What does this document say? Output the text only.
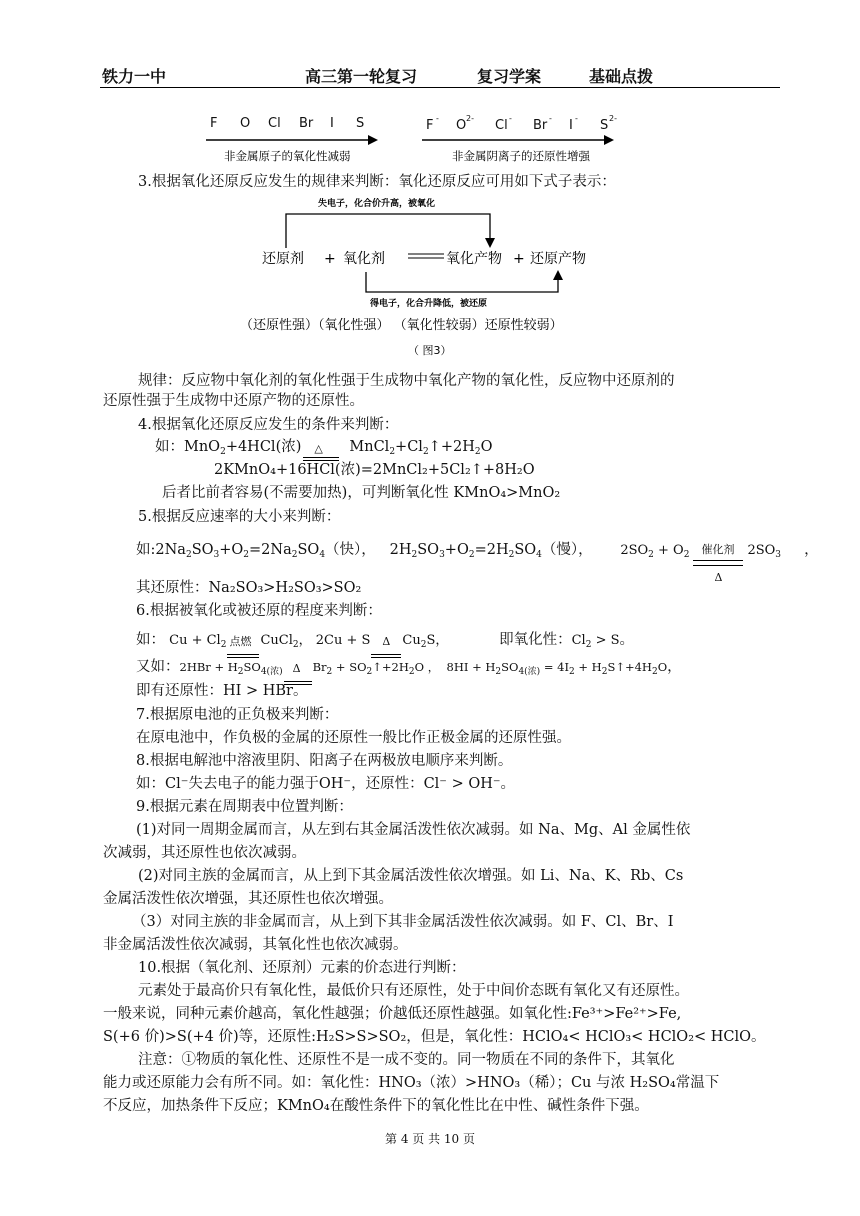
铁力一中	高三第一轮复习	复习学案	基础点拨
F O Cl Br I S
非金属原子的氧化性减弱
F - O 2- Cl - Br - I - S 2-
非金属阴离子的还原性增强
3.根据氧化还原反应发生的规律来判断：氧化还原反应可用如下式子表示：
失电子，化合价升高，被氧化
还原剂 + 氧化剂	氧化产物 + 还原产物
得电子，化合升降低，被还原
（还原性强）（氧化性强） （氧化性较弱）还原性较弱）
（ 图3）
规律：反应物中氧化剂的氧化性强于生成物中氧化产物的氧化性，反应物中还原剂的
还原性强于生成物中还原产物的还原性。
4.根据氧化还原反应发生的条件来判断：
如：MnO$_2$+4HCl(浓) △ $MnCl_2+Cl_2↑+2H_2O$
2KMnO₄+16HCl(浓)=2MnCl₂+5Cl₂↑+8H₂O
后者比前者容易(不需要加热)，可判断氧化性 KMnO₄>MnO₂
5.根据反应速率的大小来判断：
如$:2Na_2SO_3+O_2=2Na_2SO_4$（快），   $2H_2SO_3+O_2=2H_2SO_4$（慢），      $2SO_2 + O_2$ 催化剂
Δ
$2SO_3$     ，
其还原性：Na₂SO₃>H₂SO₃>SO₂
6.根据被氧化或被还原的程度来判断：
如： $Cu + Cl_2$ 点燃 CuCl$_2$， 2Cu + S Δ $Cu_2S$，	即氧化性：$Cl_2 > S$。
又如：$2HBr + H_2SO_{4(浓)}$ Δ $Br_2$ + $SO_2↑+2H_2O$ ，  $8HI + H_2SO_{4(浓)} = 4I_2$ + $H_2S↑+4H_2O$，
即有还原性：HI > HBr。
7.根据原电池的正负极来判断：
在原电池中，作负极的金属的还原性一般比作正极金属的还原性强。
8.根据电解池中溶液里阴、阳离子在两极放电顺序来判断。
如：Cl⁻失去电子的能力强于OH⁻，还原性：Cl⁻ > OH⁻。
9.根据元素在周期表中位置判断：
(1)对同一周期金属而言，从左到右其金属活泼性依次减弱。如 Na、Mg、Al 金属性依
次减弱，其还原性也依次减弱。
(2)对同主族的金属而言，从上到下其金属活泼性依次增强。如 Li、Na、K、Rb、Cs
金属活泼性依次增强，其还原性也依次增强。
（3）对同主族的非金属而言，从上到下其非金属活泼性依次减弱。如 F、Cl、Br、I
非金属活泼性依次减弱，其氧化性也依次减弱。
10.根据（氧化剂、还原剂）元素的价态进行判断：
元素处于最高价只有氧化性，最低价只有还原性，处于中间价态既有氧化又有还原性。
一般来说，同种元素价越高，氧化性越强；价越低还原性越强。如氧化性:Fe³⁺>Fe²⁺>Fe,
S(+6 价)>S(+4 价)等，还原性:H₂S>S>SO₂，但是，氧化性：HClO₄< HClO₃< HClO₂< HClO。
注意：①物质的氧化性、还原性不是一成不变的。同一物质在不同的条件下，其氧化
能力或还原能力会有所不同。如：氧化性：HNO₃（浓）>HNO₃（稀）；Cu 与浓 H₂SO₄常温下
不反应，加热条件下反应；KMnO₄在酸性条件下的氧化性比在中性、碱性条件下强。
第 4 页 共 10 页
